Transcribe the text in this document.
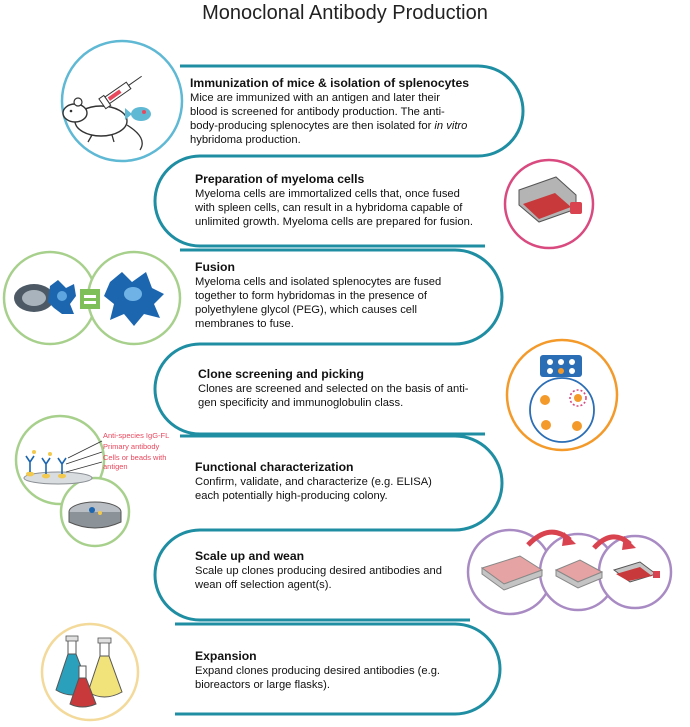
Anti-species IgG-FL
Primary antibody
Cells or beads with
antigen
Monoclonal Antibody Production
Immunization of mice & isolation of splenocytes

Mice are immunized with an antigen and later their

blood is screened for antibody production. The anti-

body-producing splenocytes are then isolated for in vitro

hybridoma production.

Preparation of myeloma cells

Myeloma cells are immortalized cells that, once fused

with spleen cells, can result in a hybridoma capable of

unlimited growth. Myeloma cells are prepared for fusion.

Fusion

Myeloma cells and isolated splenocytes are fused

together to form hybridomas in the presence of

polyethylene glycol (PEG), which causes cell

membranes to fuse.

Clone screening and picking

Clones are screened and selected on the basis of anti-

gen specificity and immunoglobulin class.

Functional characterization

Confirm, validate, and characterize (e.g. ELISA)

each potentially high-producing colony.

Scale up and wean

Scale up clones producing desired antibodies and

wean off selection agent(s).

Expansion

Expand clones producing desired antibodies (e.g.

bioreactors or large flasks).
